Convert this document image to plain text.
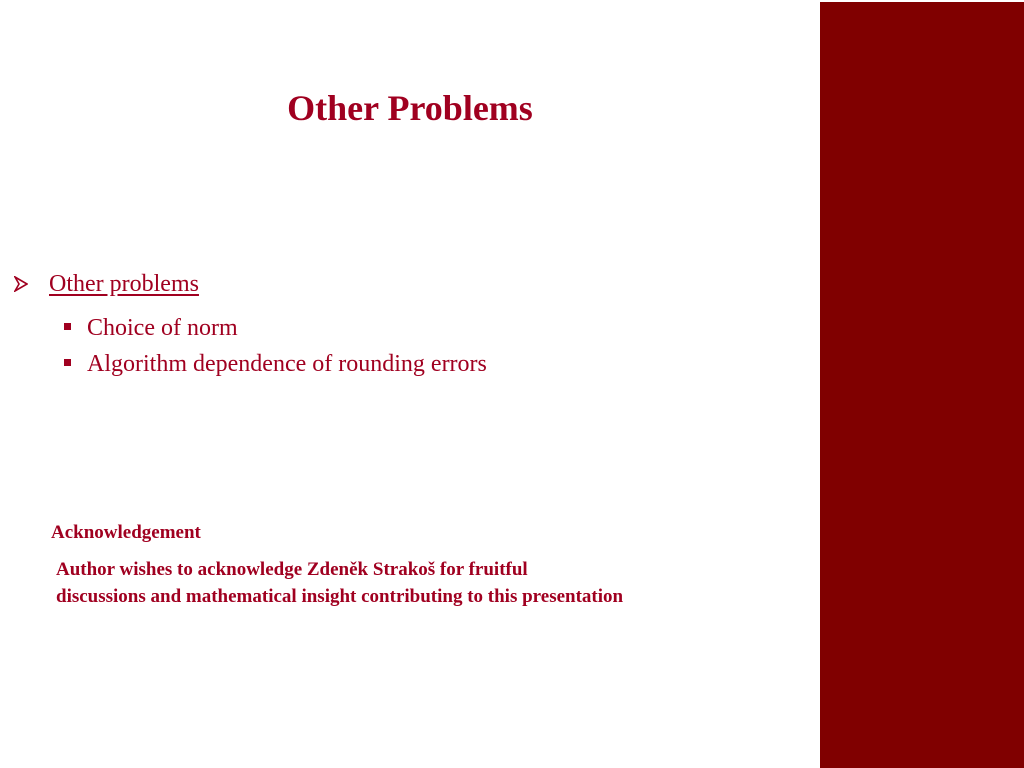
Other Problems
Other problems
Choice of norm
Algorithm dependence of rounding errors
Acknowledgement
Author wishes to acknowledge Zdeněk Strakoš for fruitful
discussions and mathematical insight contributing to this presentation
